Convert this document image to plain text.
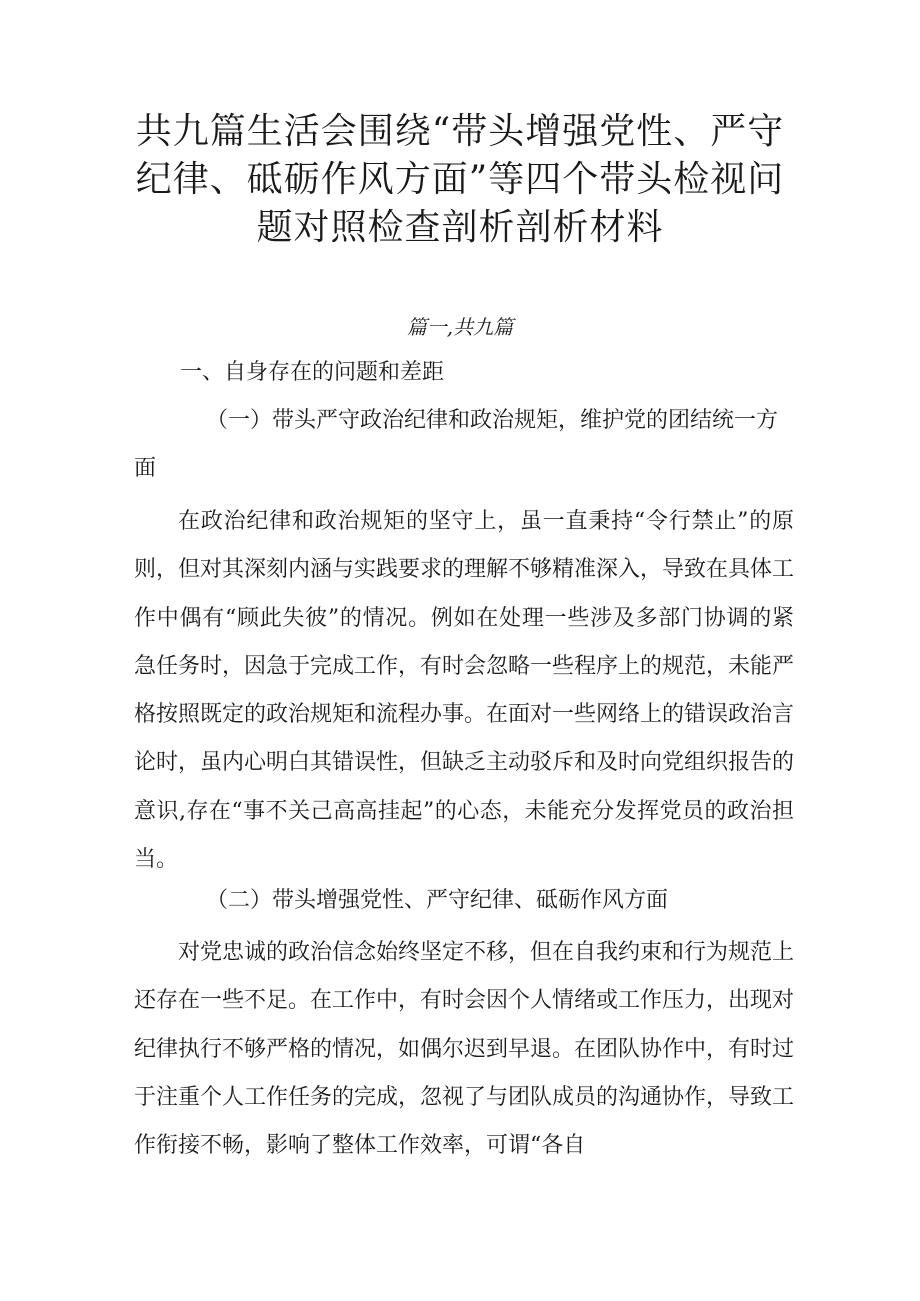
共九篇生活会围绕“带头增强党性、严守纪律、砥砺作风方面”等四个带头检视问题对照检查剖析剖析材料

篇一,共九篇

一、自身存在的问题和差距

（一）带头严守政治纪律和政治规矩，维护党的团结统一方

面

在政治纪律和政治规矩的坚守上，虽一直秉持“令行禁止”的原则，但对其深刻内涵与实践要求的理解不够精准深入，导致在具体工作中偶有“顾此失彼”的情况。例如在处理一些涉及多部门协调的紧急任务时，因急于完成工作，有时会忽略一些程序上的规范，未能严格按照既定的政治规矩和流程办事。在面对一些网络上的错误政治言论时，虽内心明白其错误性，但缺乏主动驳斥和及时向党组织报告的意识,存在“事不关己高高挂起”的心态，未能充分发挥党员的政治担当。

（二）带头增强党性、严守纪律、砥砺作风方面

对党忠诚的政治信念始终坚定不移，但在自我约束和行为规范上还存在一些不足。在工作中，有时会因个人情绪或工作压力，出现对纪律执行不够严格的情况，如偶尔迟到早退。在团队协作中，有时过于注重个人工作任务的完成，忽视了与团队成员的沟通协作，导致工作衔接不畅，影响了整体工作效率，可谓“各自
